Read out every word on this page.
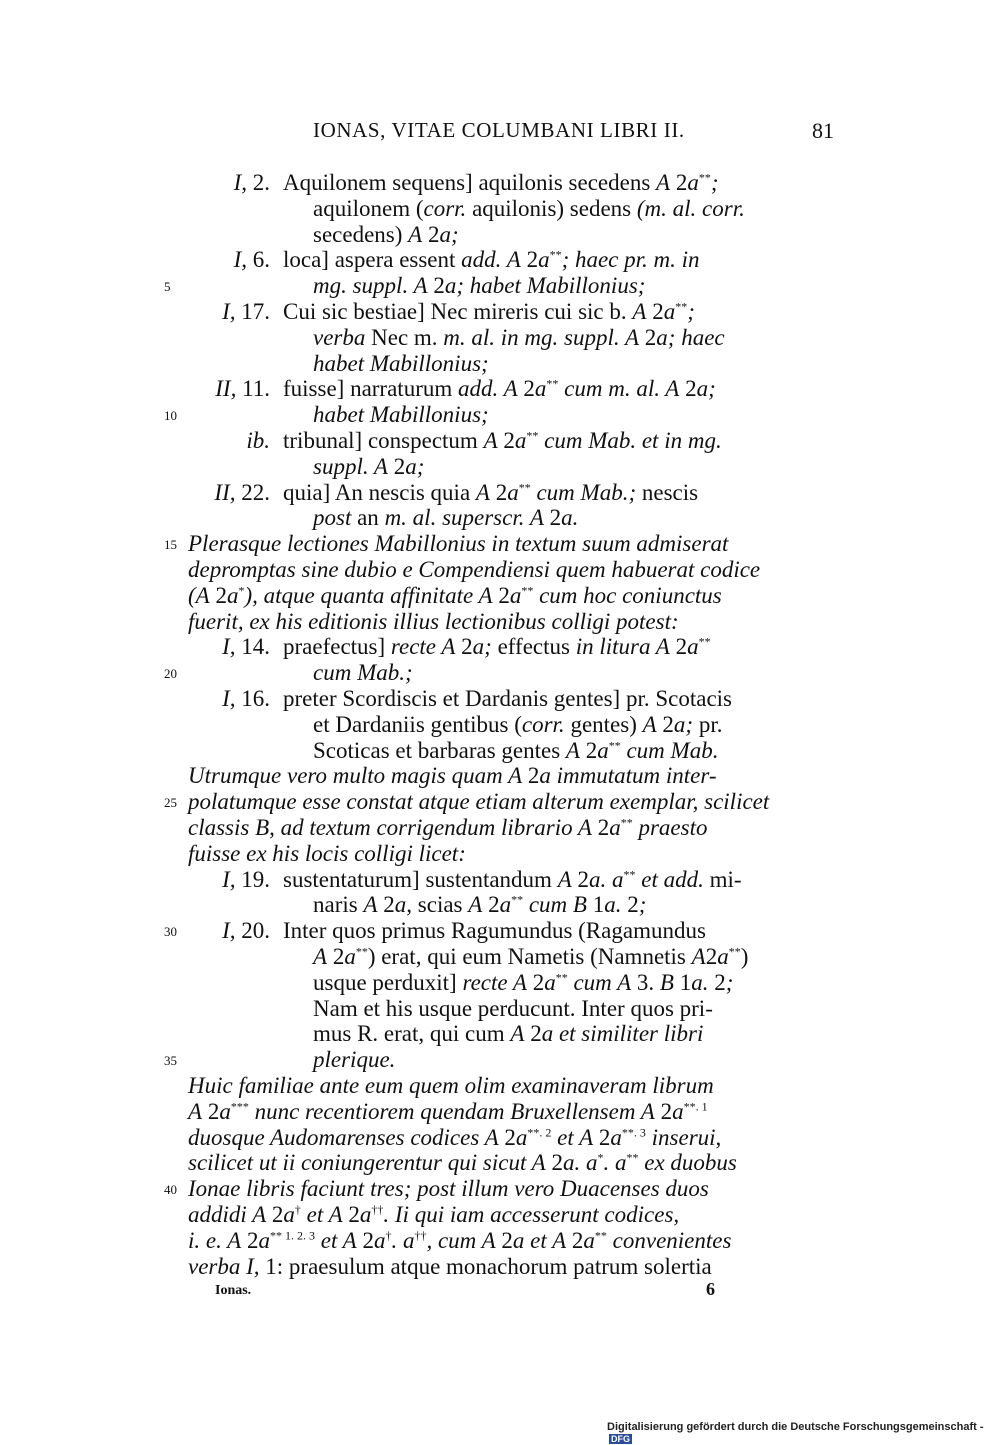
IONAS, VITAE COLUMBANI LIBRI II.	81
I, 2. Aquilonem sequens] aquilonis secedens A 2a**;
aquilonem (corr. aquilonis) sedens (m. al. corr.
secedens) A 2a;
I, 6. loca] aspera essent add. A 2a**; haec pr. m. in
5	mg. suppl. A 2a; habet Mabillonius;
I, 17. Cui sic bestiae] Nec mireris cui sic b. A 2a**;
verba Nec m. m. al. in mg. suppl. A 2a; haec
habet Mabillonius;
II, 11. fuisse] narraturum add. A 2a** cum m. al. A 2a;
10	habet Mabillonius;
ib. tribunal] conspectum A 2a** cum Mab. et in mg.
suppl. A 2a;
II, 22. quia] An nescis quia A 2a** cum Mab.; nescis
post an m. al. superscr. A 2a.
15 Plerasque lectiones Mabillonius in textum suum admiserat
depromptas sine dubio e Compendiensi quem habuerat codice
(A 2a*), atque quanta affinitate A 2a** cum hoc coniunctus
fuerit, ex his editionis illius lectionibus colligi potest:
I, 14. praefectus] recte A 2a; effectus in litura A 2a**
20	cum Mab.;
I, 16. preter Scordiscis et Dardanis gentes] pr. Scotacis
et Dardaniis gentibus (corr. gentes) A 2a; pr.
Scoticas et barbaras gentes A 2a** cum Mab.
Utrumque vero multo magis quam A 2a immutatum inter-
25 polatumque esse constat atque etiam alterum exemplar, scilicet
classis B, ad textum corrigendum librario A 2a** praesto
fuisse ex his locis colligi licet:
I, 19. sustentaturum] sustentandum A 2a. a** et add. mi-
naris A 2a, scias A 2a** cum B 1a. 2;
30	I, 20. Inter quos primus Ragumundus (Ragamundus
A 2a**) erat, qui eum Nametis (Namnetis A2a**)
usque perduxit] recte A 2a** cum A 3. B 1a. 2;
Nam et his usque perducunt. Inter quos pri-
mus R. erat, qui cum A 2a et similiter libri
35	plerique.
Huic familiae ante eum quem olim examinaveram librum
A 2a*** nunc recentiorem quendam Bruxellensem A $2a^{**. 1}$
duosque Audomarenses codices A $2a^{**. 2}$ et A $2a^{**. 3}$ inserui,
scilicet ut ii coniungerentur qui sicut A 2a. a*. a** ex duobus
40 Ionae libris faciunt tres; post illum vero Duacenses duos
addidi A 2a† et A 2a††. Ii qui iam accesserunt codices,
i. e. A $2a^{** 1. 2. 3}$ et A 2a†. a††, cum A 2a et A 2a** convenientes
verba I, 1: praesulum atque monachorum patrum solertia
Ionas.	6
Digitalisierung gefördert durch die Deutsche Forschungsgemeinschaft - DFG
